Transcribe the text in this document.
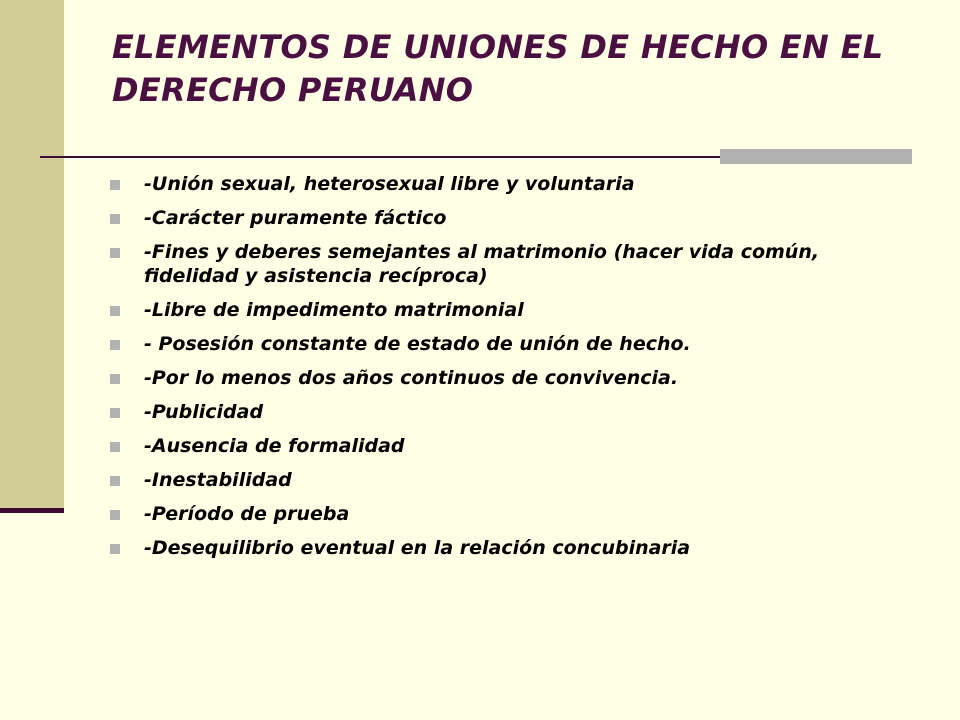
ELEMENTOS DE UNIONES DE HECHO EN EL DERECHO PERUANO
-Unión sexual, heterosexual libre y voluntaria
-Carácter puramente fáctico
-Fines y deberes semejantes al matrimonio (hacer vida común, fidelidad y asistencia recíproca)
-Libre de impedimento matrimonial
- Posesión constante de estado de unión de hecho.
-Por lo menos dos años continuos de convivencia.
-Publicidad
-Ausencia de formalidad
-Inestabilidad
-Período de prueba
-Desequilibrio eventual en la relación concubinaria
